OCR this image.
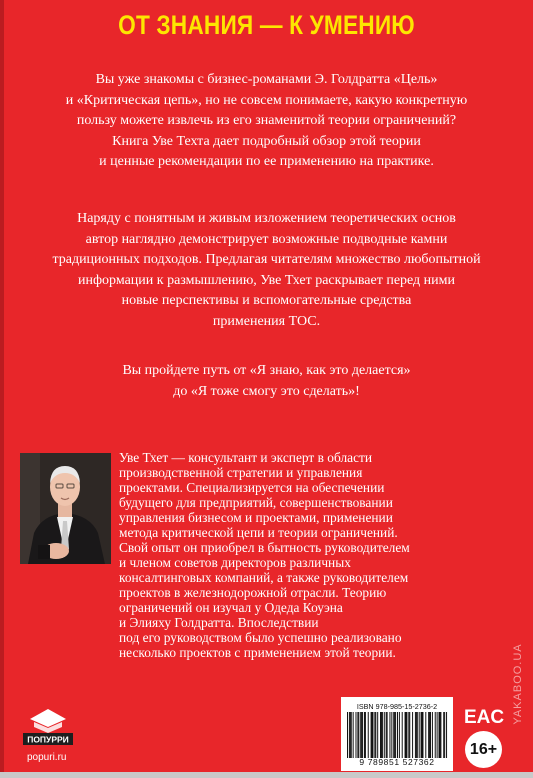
ОТ ЗНАНИЯ — К УМЕНИЮ
Вы уже знакомы с бизнес-романами Э. Голдратта «Цель»
и «Критическая цепь», но не совсем понимаете, какую конкретную
пользу можете извлечь из его знаменитой теории ограничений?
Книга Уве Техта дает подробный обзор этой теории
и ценные рекомендации по ее применению на практике.
Наряду с понятным и живым изложением теоретических основ
автор наглядно демонстрирует возможные подводные камни
традиционных подходов. Предлагая читателям множество любопытной
информации к размышлению, Уве Тхет раскрывает перед ними
новые перспективы и вспомогательные средства
применения ТОС.
Вы пройдете путь от «Я знаю, как это делается»
до «Я тоже смогу это сделать»!
Уве Тхет — консультант и эксперт в области
производственной стратегии и управления
проектами. Специализируется на обеспечении
будущего для предприятий, совершенствовании
управления бизнесом и проектами, применении
метода критической цепи и теории ограничений.
Свой опыт он приобрел в бытность руководителем
и членом советов директоров различных
консалтинговых компаний, а также руководителем
проектов в железнодорожной отрасли. Теорию
ограничений он изучал у Одеда Коуэна
и Элияху Голдратта. Впоследствии
под его руководством было успешно реализовано
несколько проектов с применением этой теории.
ПОПУРРИ
popuri.ru
ISBN 978-985-15-2736-2
9 789851 527362
EAC
16+
YAKABOO.UA
